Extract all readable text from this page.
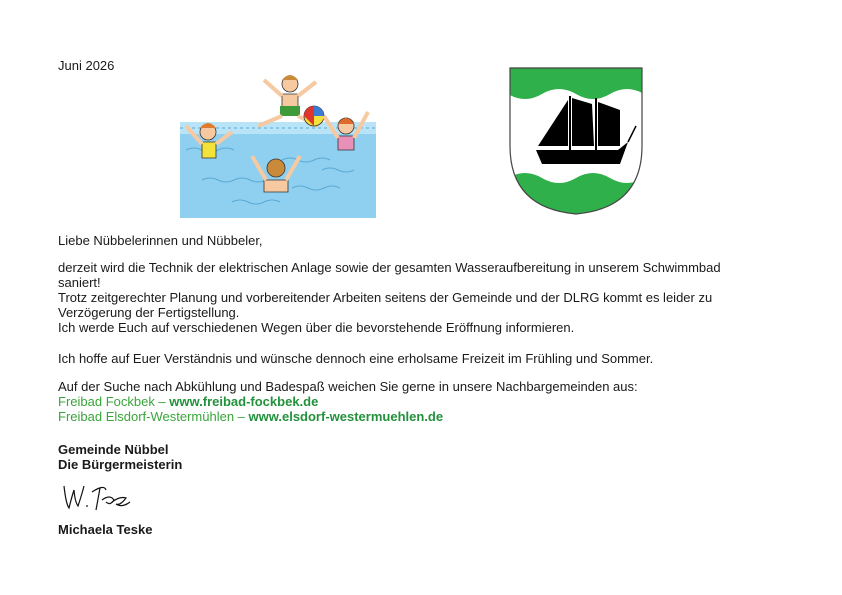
Juni 2026

Liebe Nübbelerinnen und Nübbeler,

derzeit wird die Technik der elektrischen Anlage sowie der gesamten Wasseraufbereitung in unserem Schwimmbad
saniert!
Trotz zeitgerechter Planung und vorbereitender Arbeiten seitens der Gemeinde und der DLRG kommt es leider zu
Verzögerung der Fertigstellung.
Ich werde Euch auf verschiedenen Wegen über die bevorstehende Eröffnung informieren.

Ich hoffe auf Euer Verständnis und wünsche dennoch eine erholsame Freizeit im Frühling und Sommer.

Auf der Suche nach Abkühlung und Badespaß weichen Sie gerne in unsere Nachbargemeinden aus:
Freibad Fockbek – www.freibad-fockbek.de
Freibad Elsdorf-Westermühlen – www.elsdorf-westermuehlen.de

Gemeinde Nübbel
Die Bürgermeisterin

Michaela Teske
